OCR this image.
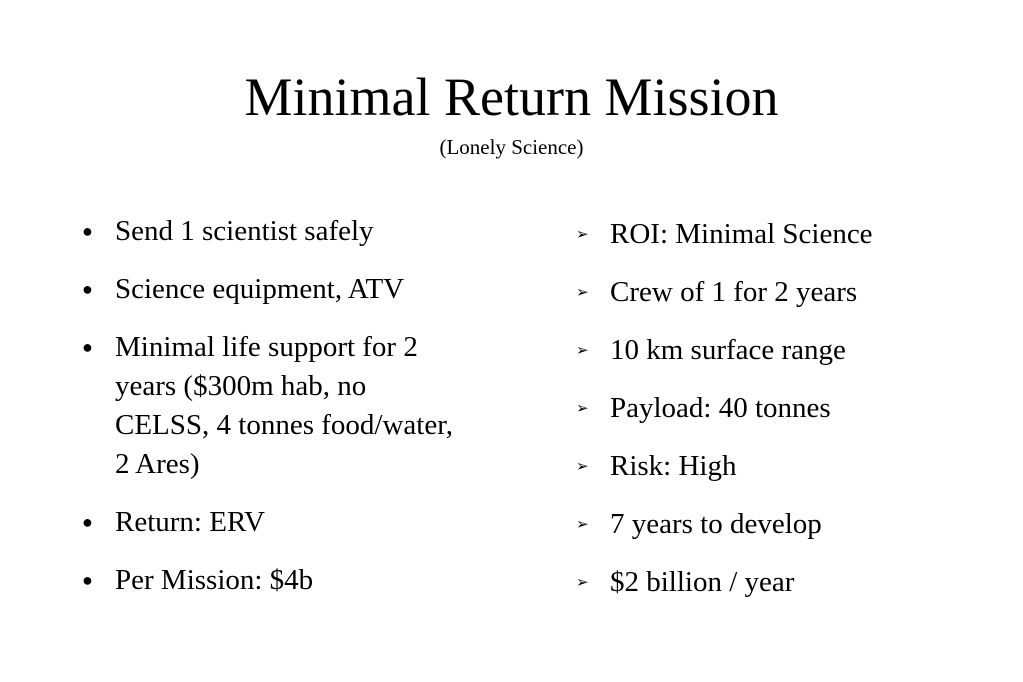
Minimal Return Mission
(Lonely Science)
● Send 1 scientist safely
● Science equipment, ATV
● Minimal life support for 2
years ($300m hab, no
CELSS, 4 tonnes food/water,
2 Ares)
● Return: ERV
● Per Mission: $4b
➢ ROI: Minimal Science
➢ Crew of 1 for 2 years
➢ 10 km surface range
➢ Payload: 40 tonnes
➢ Risk: High
➢ 7 years to develop
➢ $2 billion / year
